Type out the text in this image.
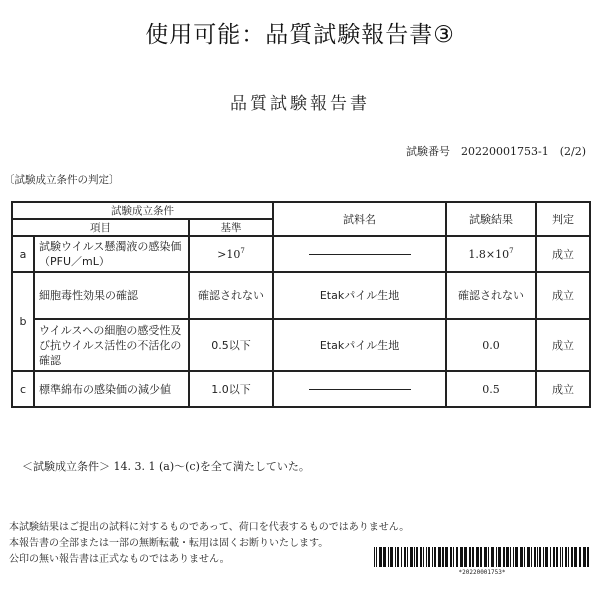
使用可能：品質試験報告書③
品質試験報告書
試験番号　20220001753-1　(2/2)
〔試験成立条件の判定〕
試験成立条件			試料名	試験結果	判定
項目		基準			
a	試験ウイルス懸濁液の感染価（PFU／mL）	$>10^7$		$1.8\times 10^7$	成立
b	細胞毒性効果の確認	確認されない	Etakパイル生地	確認されない	成立
	ウイルスへの細胞の感受性及び抗ウイルス活性の不活化の確認	0.5以下	Etakパイル生地	0.0	成立
c	標準綿布の感染価の減少値	1.0以下		0.5	成立
＜試験成立条件＞ 14. 3. 1 (a)～(c)を全て満たしていた。
本試験結果はご提出の試料に対するものであって、荷口を代表するものではありません。
本報告書の全部または一部の無断転載・転用は固くお断りいたします。
公印の無い報告書は正式なものではありません。
*20220001753*
